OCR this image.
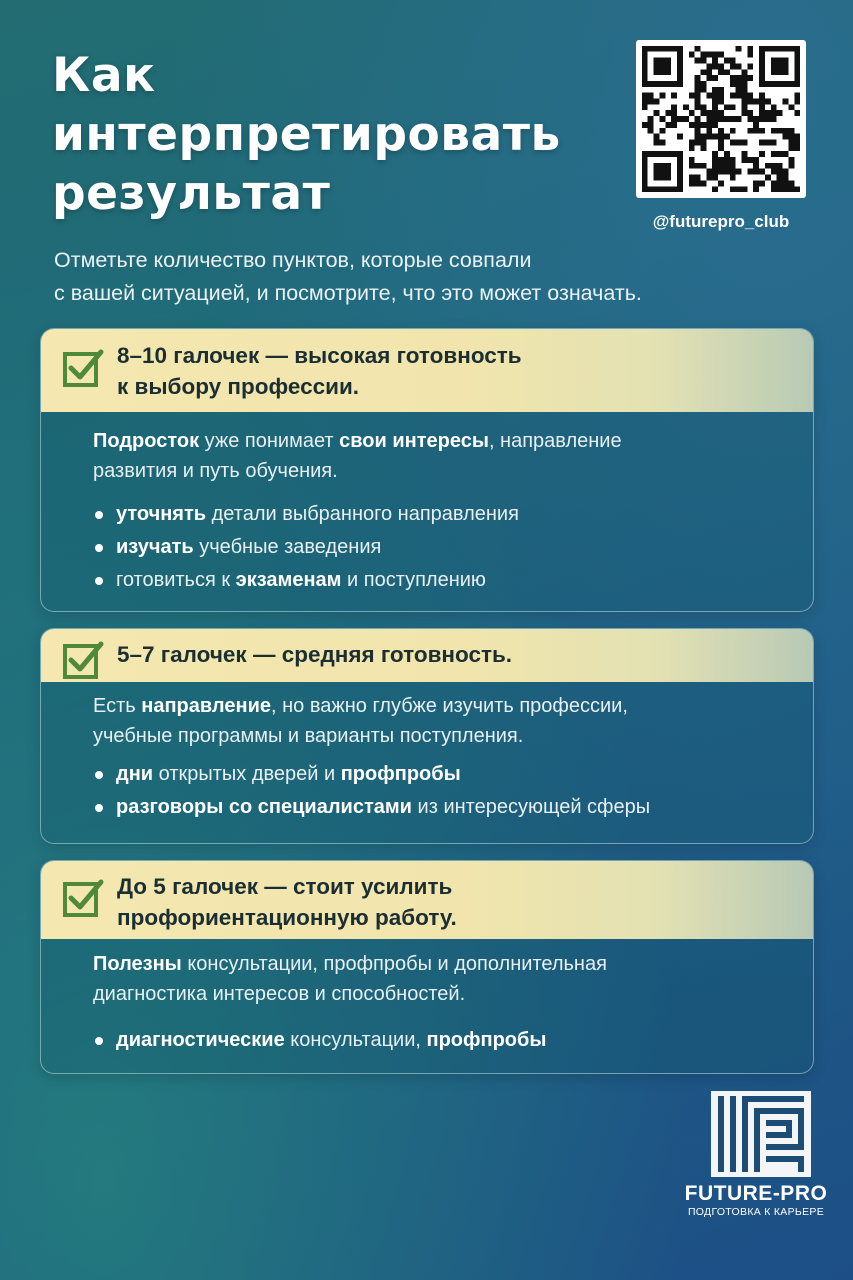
Как
интерпретировать
результат
@futurepro_club
Отметьте количество пунктов, которые совпали
с вашей ситуацией, и посмотрите, что это может означать.
8–10 галочек — высокая готовность
к выбору профессии.
Подросток уже понимает свои интересы, направление
развития и путь обучения.
уточнять детали выбранного направления
изучать учебные заведения
готовиться к экзаменам и поступлению
5–7 галочек — средняя готовность.
Есть направление, но важно глубже изучить профессии,
учебные программы и варианты поступления.
дни открытых дверей и профпробы
разговоры со специалистами из интересующей сферы
До 5 галочек — стоит усилить
профориентационную работу.
Полезны консультации, профпробы и дополнительная
диагностика интересов и способностей.
диагностические консультации, профпробы
FUTURE-PRO
ПОДГОТОВКА К КАРЬЕРЕ
